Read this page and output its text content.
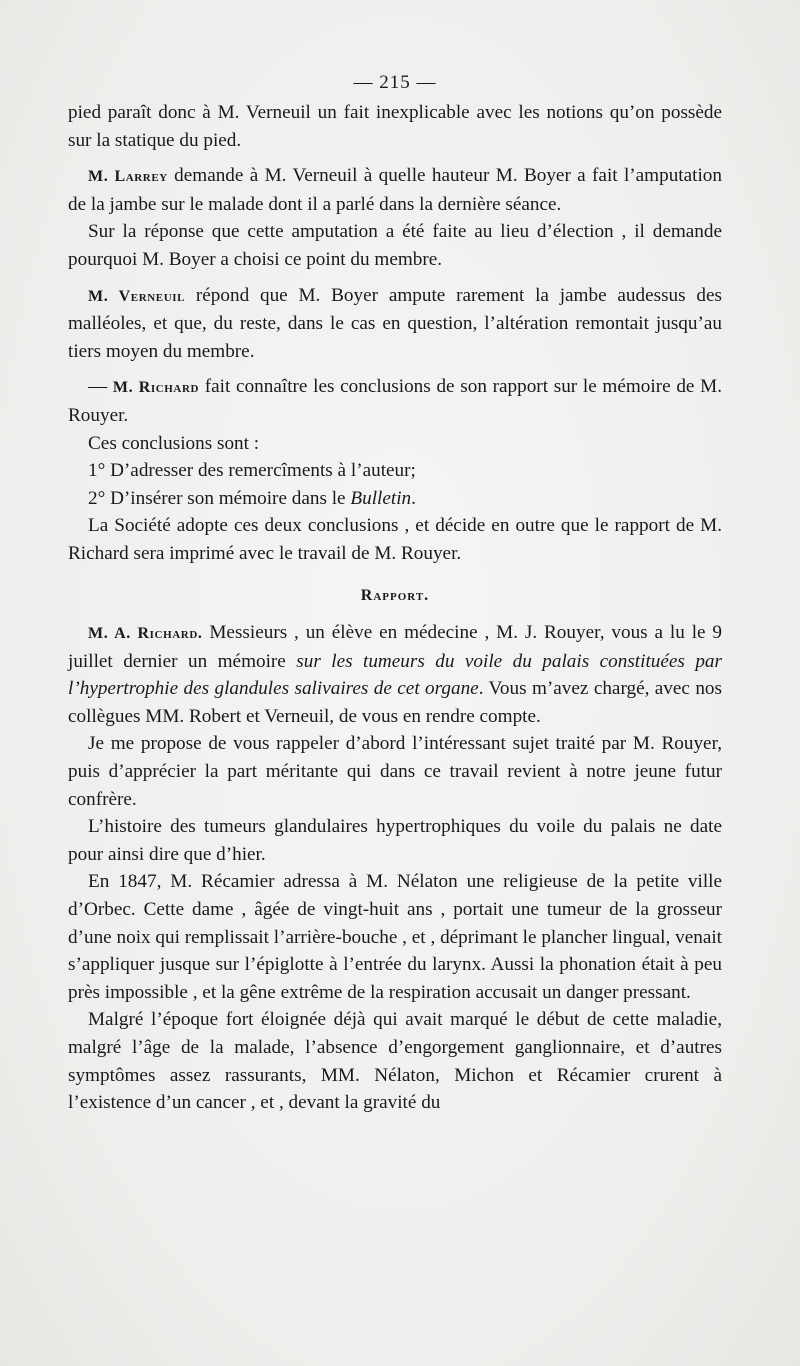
— 215 —

pied paraît donc à M. Verneuil un fait inexplicable avec les notions qu’on possède sur la statique du pied.

M. Larrey demande à M. Verneuil à quelle hauteur M. Boyer a fait l’amputation de la jambe sur le malade dont il a parlé dans la dernière séance.

Sur la réponse que cette amputation a été faite au lieu d’élection , il demande pourquoi M. Boyer a choisi ce point du membre.

M. Verneuil répond que M. Boyer ampute rarement la jambe audessus des malléoles, et que, du reste, dans le cas en question, l’altération remontait jusqu’au tiers moyen du membre.

— M. Richard fait connaître les conclusions de son rapport sur le mémoire de M. Rouyer.

Ces conclusions sont :

1° D’adresser des remercîments à l’auteur;

2° D’insérer son mémoire dans le Bulletin.

La Société adopte ces deux conclusions , et décide en outre que le rapport de M. Richard sera imprimé avec le travail de M. Rouyer.

Rapport.

M. A. Richard. Messieurs , un élève en médecine , M. J. Rouyer, vous a lu le 9 juillet dernier un mémoire sur les tumeurs du voile du palais constituées par l’hypertrophie des glandules salivaires de cet organe. Vous m’avez chargé, avec nos collègues MM. Robert et Verneuil, de vous en rendre compte.

Je me propose de vous rappeler d’abord l’intéressant sujet traité par M. Rouyer, puis d’apprécier la part méritante qui dans ce travail revient à notre jeune futur confrère.

L’histoire des tumeurs glandulaires hypertrophiques du voile du palais ne date pour ainsi dire que d’hier.

En 1847, M. Récamier adressa à M. Nélaton une religieuse de la petite ville d’Orbec. Cette dame , âgée de vingt-huit ans , portait une tumeur de la grosseur d’une noix qui remplissait l’arrière-bouche , et , déprimant le plancher lingual, venait s’appliquer jusque sur l’épiglotte à l’entrée du larynx. Aussi la phonation était à peu près impossible , et la gêne extrême de la respiration accusait un danger pressant.

Malgré l’époque fort éloignée déjà qui avait marqué le début de cette maladie, malgré l’âge de la malade, l’absence d’engorgement ganglionnaire, et d’autres symptômes assez rassurants, MM. Nélaton, Michon et Récamier crurent à l’existence d’un cancer , et , devant la gravité du
